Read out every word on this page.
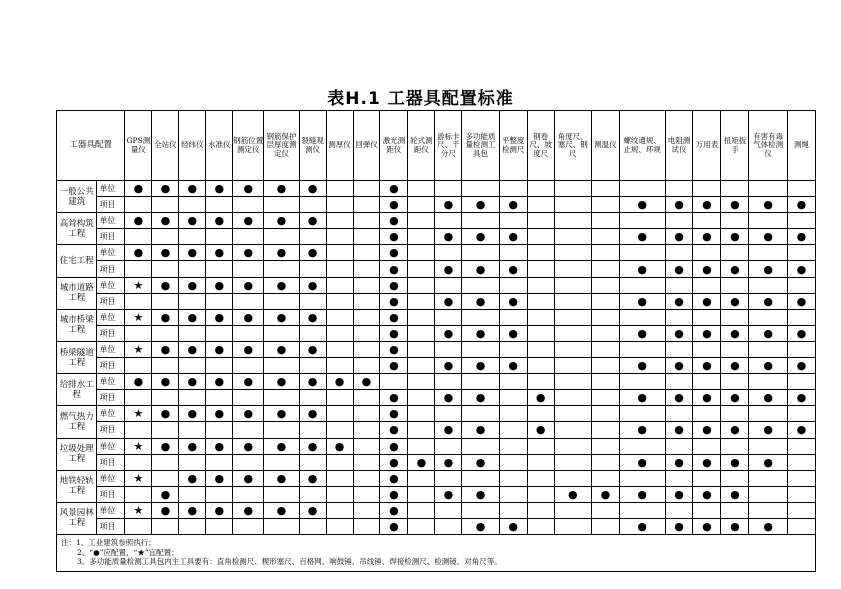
表H.1 工器具配置标准
工器具配置		GPS测量仪	全站仪	经纬仪	水准仪	钢筋位置测定仪	钢筋保护层厚度测定仪	裂缝观测仪	测厚仪	回弹仪	激光测距仪	轮式测距仪	游标卡尺、千分尺	多功能质量检测工具包	平整度检测尺	钢卷尺、坡度尺	角度尺、塞尺、钢尺	测温仪	螺纹通规、止规、环规	电阻测试仪	万用表	扭矩扳手	有害有毒气体检测仪	测绳
一般公共建筑	单位	●	●	●	●	●	●	●			●													
	项目										●		●	●	●				●	●	●	●	●	●
高耸构筑工程	单位	●	●	●	●	●	●	●			●													
	项目										●		●	●	●				●	●	●	●	●	●
住宅工程	单位	●	●	●	●	●	●	●			●													
	项目										●		●	●	●				●	●	●	●	●	●
城市道路工程	单位	★	●	●	●	●	●	●			●													
	项目										●		●	●	●				●	●	●	●	●	●
城市桥梁工程	单位	★	●	●	●	●	●	●			●													
	项目										●		●	●	●				●	●	●	●	●	●
桥梁隧道工程	单位	★	●	●	●	●	●	●			●													
	项目										●		●	●	●				●	●	●	●	●	●
给排水工程	单位	●	●	●	●	●	●	●	●	●														
	项目										●		●	●		●			●	●	●	●	●	●
燃气热力工程	单位	★	●	●	●	●	●	●			●													
	项目										●		●	●		●			●	●	●	●	●	●
垃圾处理工程	单位	★	●	●	●	●	●	●	●		●													
	项目										●	●	●	●					●	●	●	●	●	
地铁轻轨工程	单位	★		●	●	●	●	●			●													
	项目		●								●		●	●			●	●	●	●	●	●		
风景园林工程	单位	★	●	●	●	●	●	●			●													
	项目										●			●	●				●	●	●	●	●	

注：1、工业建筑参照执行；
2、“●”应配置，“★”宜配置；
3、多功能质量检测工具包内主工具要有：直角检测尺、楔形塞尺、百格网、响鼓锤、吊线锤、焊接检测尺、检测镜、对角尺等。																								
